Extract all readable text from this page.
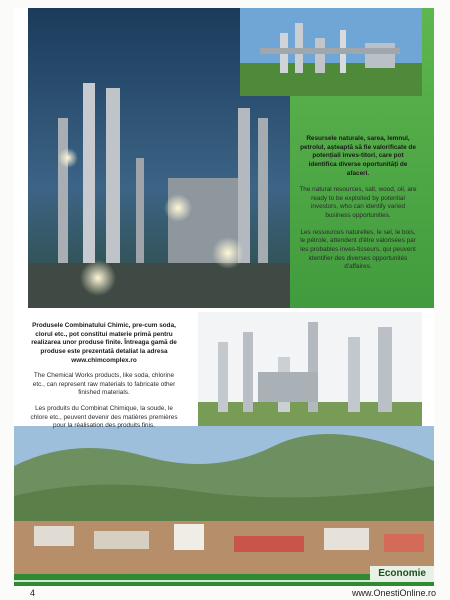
Resursele naturale, sarea, lemnul, petrolul, așteaptă să fie valorificate de potențiali inves-titori, care pot identifica diverse oportunități de afaceri.

The natural resources, salt, wood, oil, are ready to be exploited by potential investors, who can identify varied business opportunities.

Les ressources naturelles, le sel, le bois, le pétrole, attendent d'être valorisées par les probables inves-tisseurs, qui peuvent identifier des diverses opportunités d'affaires.

Produsele Combinatului Chimic, pre-cum soda, clorul etc., pot constitui materie primă pentru realizarea unor produse finite. Întreaga gamă de produse este prezentată detaliat la adresa www.chimcomplex.ro

The Chemical Works products, like soda, chlorine etc., can represent raw materials to fabricate other finished materials.

Les produits du Combinat Chimique, la soude, le chlore etc., peuvent devenir des matières premières pour la réalisation des produits finis.

Economie
4	www.OnestiOnline.ro
